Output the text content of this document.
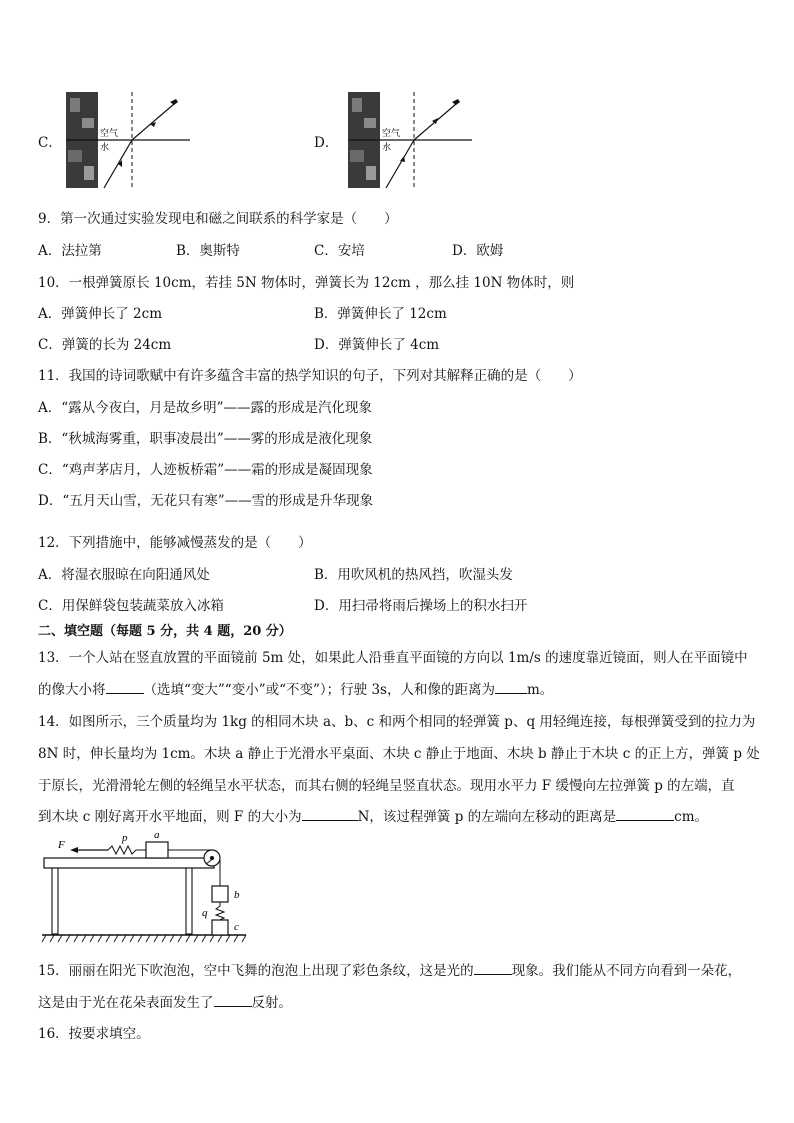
C．
空气
水	D．
空气
水
9．第一次通过实验发现电和磁之间联系的科学家是（　　）
A．法拉第	B．奥斯特	C．安培	D．欧姆
10．一根弹簧原长 10cm，若挂 5N 物体时，弹簧长为 12cm ，那么挂 10N 物体时，则
A．弹簧伸长了 2cm	B．弹簧伸长了 12cm
C．弹簧的长为 24cm	D．弹簧伸长了 4cm
11．我国的诗词歌赋中有许多蕴含丰富的热学知识的句子，下列对其解释正确的是（　　）
A．“露从今夜白，月是故乡明”——露的形成是汽化现象
B．“秋城海雾重，职事凌晨出”——雾的形成是液化现象
C．“鸡声茅店月，人迹板桥霜”——霜的形成是凝固现象
D．“五月天山雪，无花只有寒”——雪的形成是升华现象
12．下列措施中，能够减慢蒸发的是（　　）
A．将湿衣服晾在向阳通风处	B．用吹风机的热风挡，吹湿头发
C．用保鲜袋包装蔬菜放入冰箱	D．用扫帚将雨后操场上的积水扫开
二、填空题（每题 5 分，共 4 题，20 分）
13．一个人站在竖直放置的平面镜前 5m 处，如果此人沿垂直平面镜的方向以 1m/s 的速度靠近镜面，则人在平面镜中
的像大小将	（选填“变大”“变小”或“不变”）；行驶 3s，人和像的距离为 m。
14．如图所示，三个质量均为 1kg 的相同木块 a、b、c 和两个相同的轻弹簧 p、q 用轻绳连接，每根弹簧受到的拉力为
8N 时，伸长量均为 1cm。木块 a 静止于光滑水平桌面、木块 c 静止于地面、木块 b 静止于木块 c 的正上方，弹簧 p 处
于原长，光滑滑轮左侧的轻绳呈水平状态，而其右侧的轻绳呈竖直状态。现用水平力 F 缓慢向左拉弹簧 p 的左端，直
到木块 c 刚好离开水平地面，则 F 的大小为	N，该过程弹簧 p 的左端向左移动的距离是	cm。
F
p a
b
q
c
15．丽丽在阳光下吹泡泡，空中飞舞的泡泡上出现了彩色条纹，这是光的	现象。我们能从不同方向看到一朵花，
这是由于光在花朵表面发生了	反射。
16．按要求填空。
